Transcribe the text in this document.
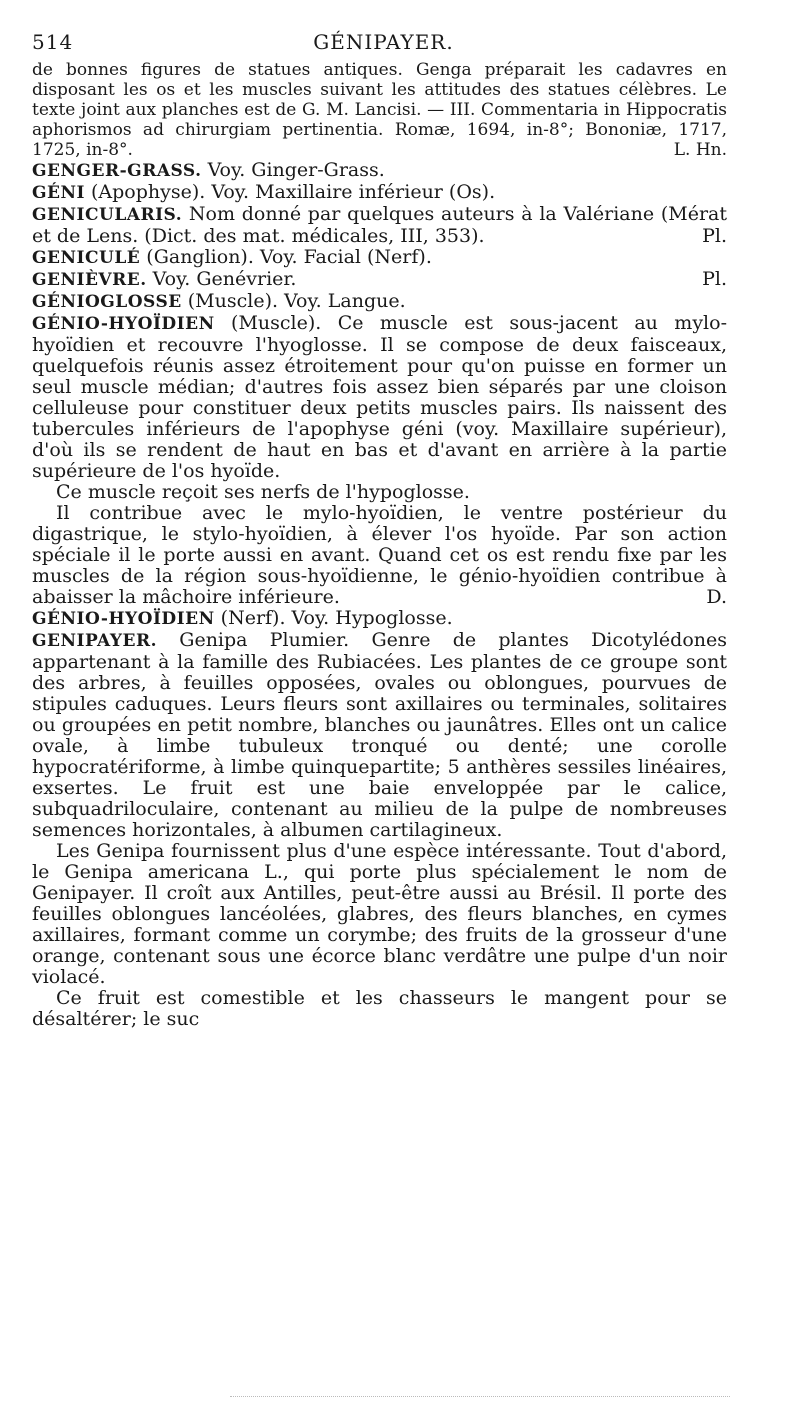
514	GÉNIPAYER.

de bonnes figures de statues antiques. Genga préparait les cadavres en disposant les os et les muscles suivant les attitudes des statues célèbres. Le texte joint aux planches est de G. M. Lancisi. — III. Commentaria in Hippocratis aphorismos ad chirurgiam pertinentia. Romæ, 1694, in-8°; Bononiæ, 1717, 1725, in-8°.	L. Hn.

GENGER-GRASS. Voy. Ginger-Grass.

GÉNI (Apophyse). Voy. Maxillaire inférieur (Os).

GENICULARIS. Nom donné par quelques auteurs à la Valériane (Mérat et de Lens. (Dict. des mat. médicales, III, 353).	Pl.

GENICULÉ (Ganglion). Voy. Facial (Nerf).

GENIÈVRE. Voy. Genévrier.	Pl.

GÉNIOGLOSSE (Muscle). Voy. Langue.

GÉNIO-HYOÏDIEN (Muscle). Ce muscle est sous-jacent au mylo-hyoïdien et recouvre l'hyoglosse. Il se compose de deux faisceaux, quelquefois réunis assez étroitement pour qu'on puisse en former un seul muscle médian; d'autres fois assez bien séparés par une cloison celluleuse pour constituer deux petits muscles pairs. Ils naissent des tubercules inférieurs de l'apophyse géni (voy. Maxillaire supérieur), d'où ils se rendent de haut en bas et d'avant en arrière à la partie supérieure de l'os hyoïde.

Ce muscle reçoit ses nerfs de l'hypoglosse.

Il contribue avec le mylo-hyoïdien, le ventre postérieur du digastrique, le stylo-hyoïdien, à élever l'os hyoïde. Par son action spéciale il le porte aussi en avant. Quand cet os est rendu fixe par les muscles de la région sous-hyoïdienne, le génio-hyoïdien contribue à abaisser la mâchoire inférieure.	D.

GÉNIO-HYOÏDIEN (Nerf). Voy. Hypoglosse.

GENIPAYER. Genipa Plumier. Genre de plantes Dicotylédones appartenant à la famille des Rubiacées. Les plantes de ce groupe sont des arbres, à feuilles opposées, ovales ou oblongues, pourvues de stipules caduques. Leurs fleurs sont axillaires ou terminales, solitaires ou groupées en petit nombre, blanches ou jaunâtres. Elles ont un calice ovale, à limbe tubuleux tronqué ou denté; une corolle hypocratériforme, à limbe quinquepartite; 5 anthères sessiles linéaires, exsertes. Le fruit est une baie enveloppée par le calice, subquadriloculaire, contenant au milieu de la pulpe de nombreuses semences horizontales, à albumen cartilagineux.

Les Genipa fournissent plus d'une espèce intéressante. Tout d'abord, le Genipa americana L., qui porte plus spécialement le nom de Genipayer. Il croît aux Antilles, peut-être aussi au Brésil. Il porte des feuilles oblongues lancéolées, glabres, des fleurs blanches, en cymes axillaires, formant comme un corymbe; des fruits de la grosseur d'une orange, contenant sous une écorce blanc verdâtre une pulpe d'un noir violacé.

Ce fruit est comestible et les chasseurs le mangent pour se désaltérer; le suc
